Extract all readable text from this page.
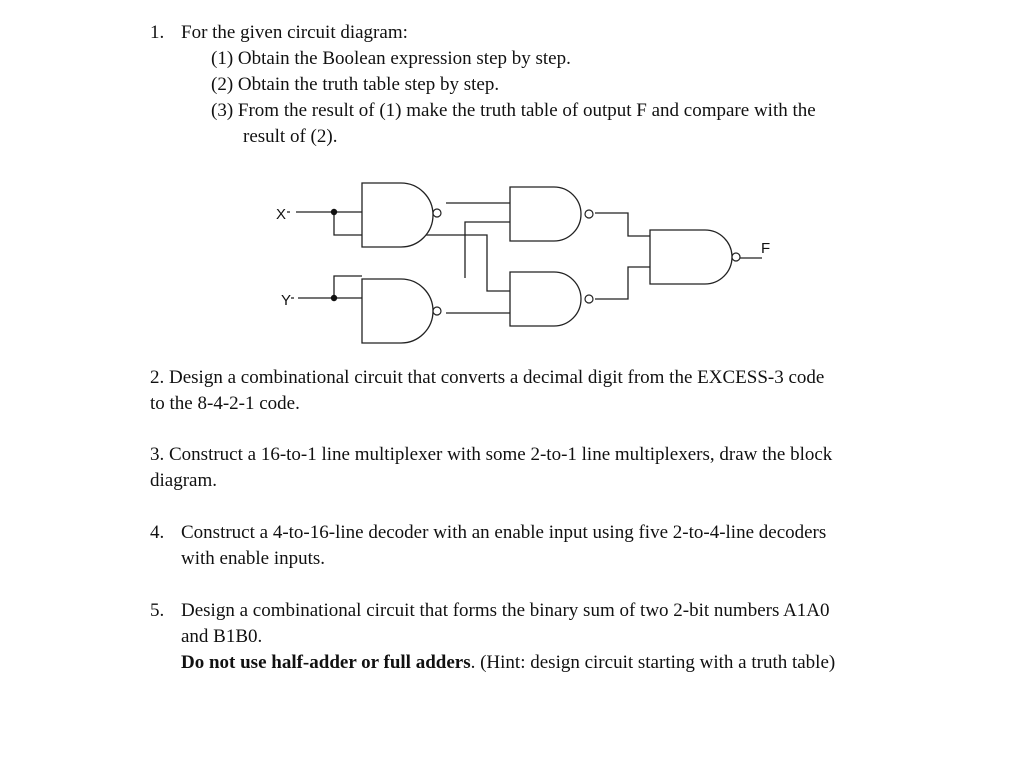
1. For the given circuit diagram:
(1) Obtain the Boolean expression step by step.
(2) Obtain the truth table step by step.
(3) From the result of (1) make the truth table of output F and compare with the
result of (2).
X
Y
F
2. Design a combinational circuit that converts a decimal digit from the EXCESS-3 code
to the 8-4-2-1 code.
3. Construct a 16-to-1 line multiplexer with some 2-to-1 line multiplexers, draw the block
diagram.
4. Construct a 4-to-16-line decoder with an enable input using five 2-to-4-line decoders
with enable inputs.
5. Design a combinational circuit that forms the binary sum of two 2-bit numbers A1A0
and B1B0.
Do not use half-adder or full adders. (Hint: design circuit starting with a truth table)
